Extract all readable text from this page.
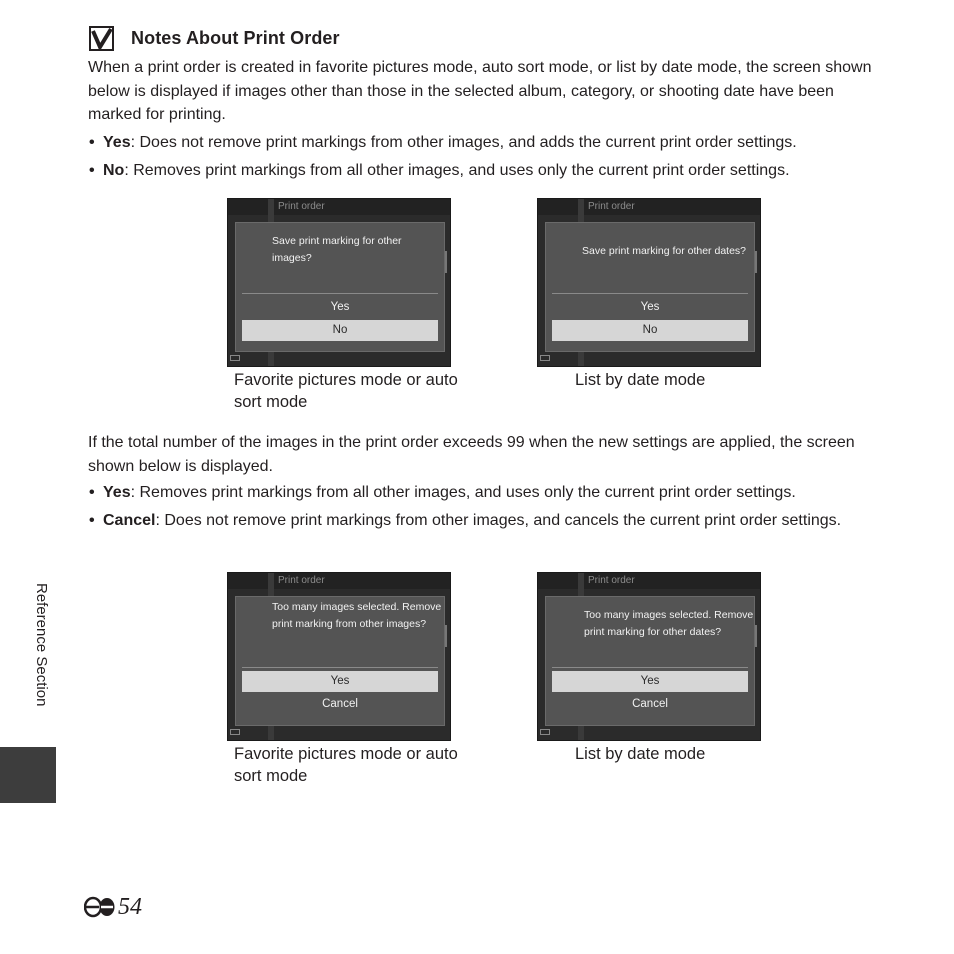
Notes About Print Order

When a print order is created in favorite pictures mode, auto sort mode, or list by date mode, the screen shown below is displayed if images other than those in the selected album, category, or shooting date have been marked for printing.

• Yes: Does not remove print markings from other images, and adds the current print order settings.
• No: Removes print markings from all other images, and uses only the current print order settings.
Print order
Save print marking for other images?
Yes
No
Favorite pictures mode or auto sort mode
Print order
Save print marking for other dates?
Yes
No
List by date mode

If the total number of the images in the print order exceeds 99 when the new settings are applied, the screen shown below is displayed.

• Yes: Removes print markings from all other images, and uses only the current print order settings.
• Cancel: Does not remove print markings from other images, and cancels the current print order settings.
Print order
Too many images selected. Remove print marking from other images?
Yes
Cancel
Favorite pictures mode or auto sort mode
Print order
Too many images selected. Remove print marking for other dates?
Yes
Cancel
List by date mode
Reference Section
54
